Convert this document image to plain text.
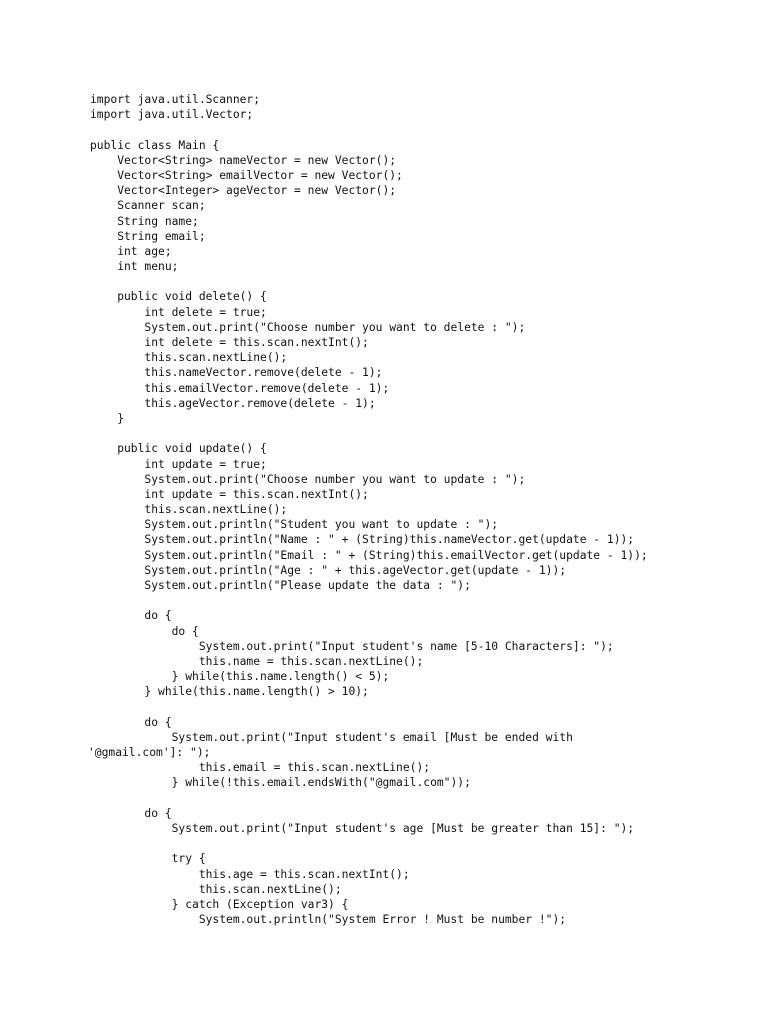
import java.util.Scanner;
import java.util.Vector;
public class Main {
Vector<String> nameVector = new Vector();
Vector<String> emailVector = new Vector();
Vector<Integer> ageVector = new Vector();
Scanner scan;
String name;
String email;
int age;
int menu;
public void delete() {
int delete = true;
System.out.print("Choose number you want to delete : ");
int delete = this.scan.nextInt();
this.scan.nextLine();
this.nameVector.remove(delete - 1);
this.emailVector.remove(delete - 1);
this.ageVector.remove(delete - 1);
}
public void update() {
int update = true;
System.out.print("Choose number you want to update : ");
int update = this.scan.nextInt();
this.scan.nextLine();
System.out.println("Student you want to update : ");
System.out.println("Name : " + (String)this.nameVector.get(update - 1));
System.out.println("Email : " + (String)this.emailVector.get(update - 1));
System.out.println("Age : " + this.ageVector.get(update - 1));
System.out.println("Please update the data : ");
do {
do {
System.out.print("Input student's name [5-10 Characters]: ");
this.name = this.scan.nextLine();
} while(this.name.length() < 5);
} while(this.name.length() > 10);
do {
System.out.print("Input student's email [Must be ended with
'@gmail.com']: ");
this.email = this.scan.nextLine();
} while(!this.email.endsWith("@gmail.com"));
do {
System.out.print("Input student's age [Must be greater than 15]: ");
try {
this.age = this.scan.nextInt();
this.scan.nextLine();
} catch (Exception var3) {
System.out.println("System Error ! Must be number !");
